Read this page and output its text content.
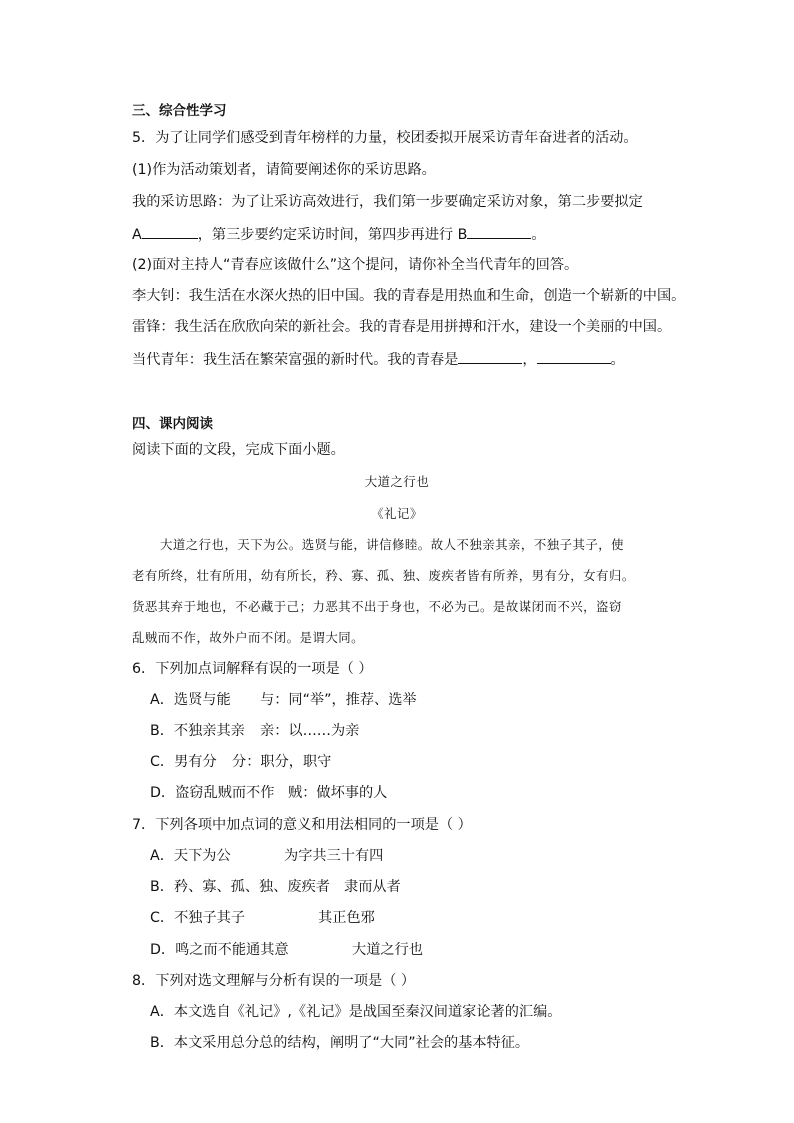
三、综合性学习
5．为了让同学们感受到青年榜样的力量，校团委拟开展采访青年奋进者的活动。
(1)作为活动策划者，请简要阐述你的采访思路。
我的采访思路：为了让采访高效进行，我们第一步要确定采访对象，第二步要拟定
A	，第三步要约定采访时间，第四步再进行 B	。
(2)面对主持人“青春应该做什么”这个提问，请你补全当代青年的回答。
李大钊：我生活在水深火热的旧中国。我的青春是用热血和生命，创造一个崭新的中国。
雷锋：我生活在欣欣向荣的新社会。我的青春是用拼搏和汗水，建设一个美丽的中国。
当代青年：我生活在繁荣富强的新时代。我的青春是	，	。
四、课内阅读
阅读下面的文段，完成下面小题。
大道之行也
《礼记》
大道之行也，天下为公。选贤与能，讲信修睦。故人不独亲其亲，不独子其子，使
老有所终，壮有所用，幼有所长，矜、寡、孤、独、废疾者皆有所养，男有分，女有归。
货恶其弃于地也，不必藏于己；力恶其不出于身也，不必为己。是故谋闭而不兴，盗窃
乱贼而不作，故外户而不闭。是谓大同。
6．下列加点词解释有误的一项是（ ）
A．选贤与能 与：同“举”，推荐、选举
B．不独亲其亲 亲：以……为亲
C．男有分 分：职分，职守
D．盗窃乱贼而不作 贼：做坏事的人
7．下列各项中加点词的意义和用法相同的一项是（ ）
A．天下为公	为字共三十有四
B．矜、寡、孤、独、废疾者 隶而从者
C．不独子其子	其正色邪
D．鸣之而不能通其意	大道之行也
8．下列对选文理解与分析有误的一项是（ ）
A．本文选自《礼记》,《礼记》是战国至秦汉间道家论著的汇编。
B．本文采用总分总的结构，阐明了“大同”社会的基本特征。
